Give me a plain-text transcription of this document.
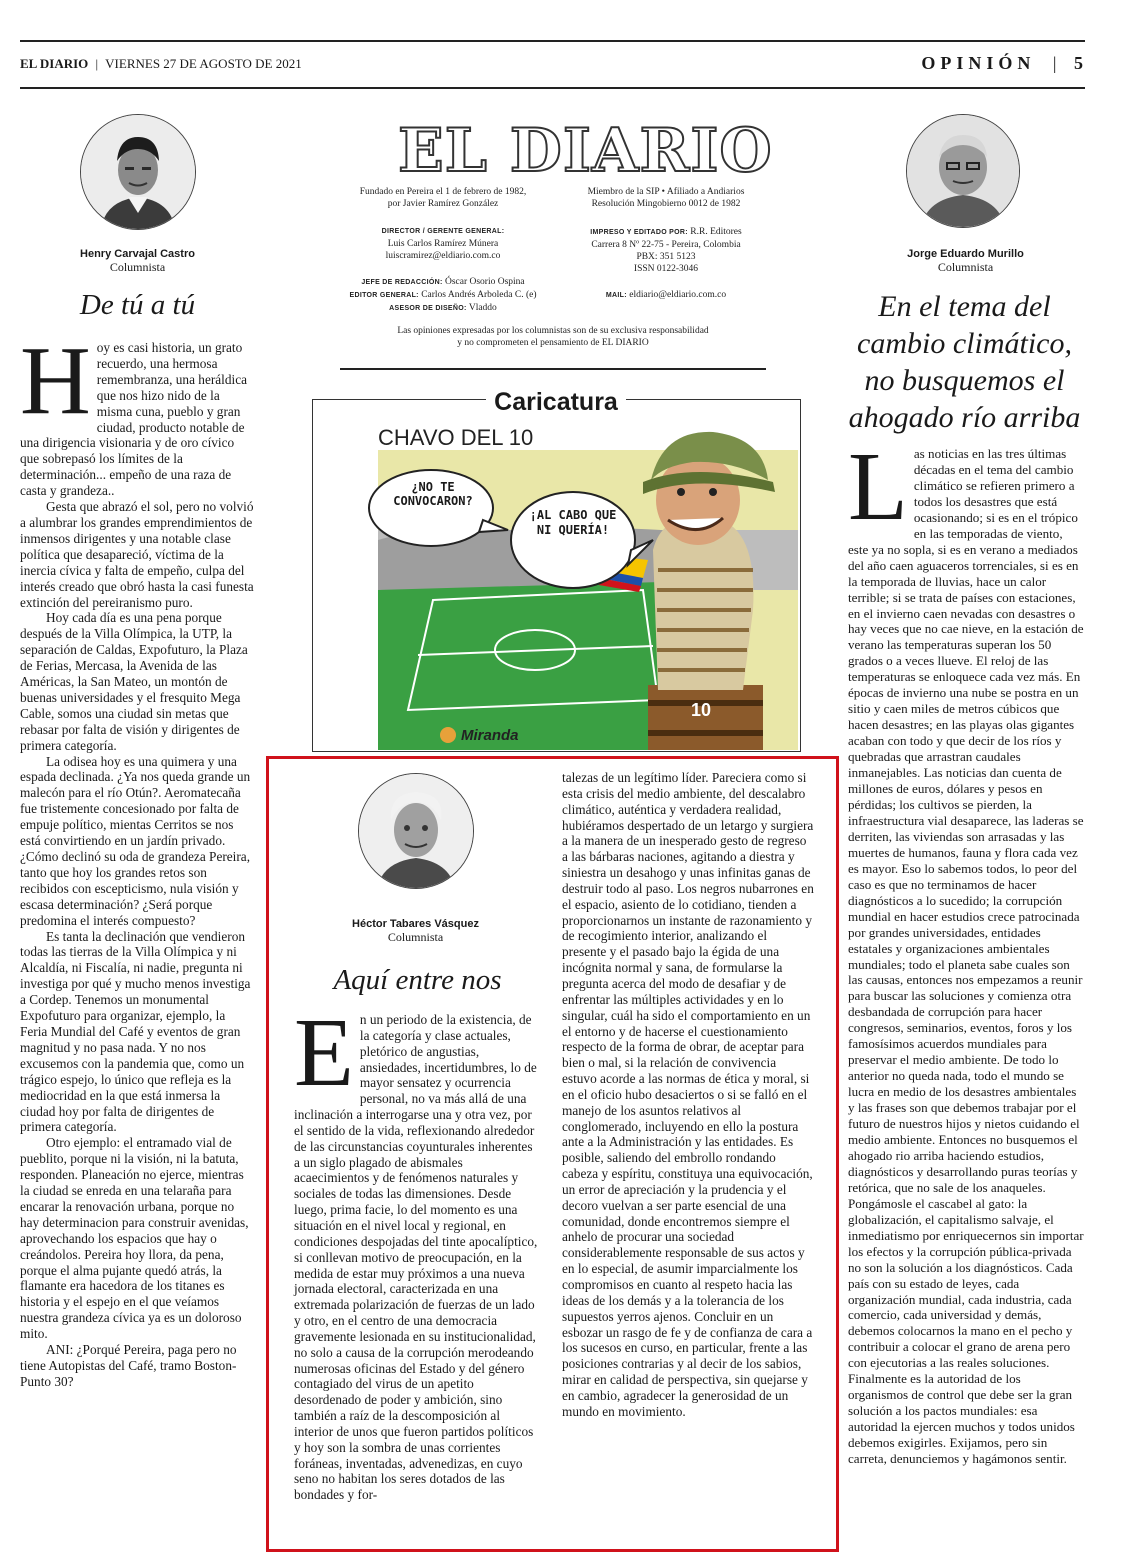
EL DIARIO | VIERNES 27 DE AGOSTO DE 2021	OPINIÓN | 5
Henry Carvajal Castro
Columnista
De tú a tú
H oy es casi historia, un grato recuerdo, una hermosa remembranza, una heráldica que nos hizo nido de la misma cuna, pueblo y gran ciudad, producto notable de una dirigencia visionaria y de oro cívico que sobrepasó los límites de la determinación... empeño de una raza de casta y grandeza..

Gesta que abrazó el sol, pero no volvió a alumbrar los grandes emprendimientos de inmensos dirigentes y una notable clase política que desapareció, víctima de la inercia cívica y falta de empeño, culpa del interés creado que obró hasta la casi funesta extinción del pereiranismo puro.

Hoy cada día es una pena porque después de la Villa Olímpica, la UTP, la separación de Caldas, Expofuturo, la Plaza de Ferias, Mercasa, la Avenida de las Américas, la San Mateo, un montón de buenas universidades y el fresquito Mega Cable, somos una ciudad sin metas que rebasar por falta de visión y dirigentes de primera categoría.

La odisea hoy es una quimera y una espada declinada. ¿Ya nos queda grande un malecón para el río Otún?. Aeromatecaña fue tristemente concesionado por falta de empuje político, mientas Cerritos se nos está convirtiendo en un jardín privado. ¿Cómo declinó su oda de grandeza Pereira, tanto que hoy los grandes retos son recibidos con escepticismo, nula visión y escasa determinación? ¿Será porque predomina el interés compuesto?

Es tanta la declinación que vendieron todas las tierras de la Villa Olímpica y ni Alcaldía, ni Fiscalía, ni nadie, pregunta ni investiga por qué y mucho menos investiga a Cordep. Tenemos un monumental Expofuturo para organizar, ejemplo, la Feria Mundial del Café y eventos de gran magnitud y no pasa nada. Y no nos excusemos con la pandemia que, como un trágico espejo, lo único que refleja es la mediocridad en la que está inmersa la ciudad hoy por falta de dirigentes de primera categoría.

Otro ejemplo: el entramado vial de pueblito, porque ni la visión, ni la batuta, responden. Planeación no ejerce, mientras la ciudad se enreda en una telaraña para encarar la renovación urbana, porque no hay determinacion para construir avenidas, aprovechando los espacios que hay o creándolos. Pereira hoy llora, da pena, porque el alma pujante quedó atrás, la flamante era hacedora de los titanes es historia y el espejo en el que veíamos nuestra grandeza cívica ya es un doloroso mito.

ANI: ¿Porqué Pereira, paga pero no tiene Autopistas del Café, tramo Boston-Punto 30?

EL DIARIO
Fundado en Pereira el 1 de febrero de 1982,
por Javier Ramírez González
Miembro de la SIP • Afiliado a Andiarios
Resolución Mingobierno 0012 de 1982
DIRECTOR / GERENTE GENERAL:
Luis Carlos Ramírez Múnera
luiscramirez@eldiario.com.co
IMPRESO Y EDITADO POR: R.R. Editores
Carrera 8 Nº 22-75 - Pereira, Colombia
PBX: 351 5123
ISSN 0122-3046
JEFE DE REDACCIÓN: Óscar Osorio Ospina
EDITOR GENERAL: Carlos Andrés Arboleda C. (e)
ASESOR DE DISEÑO: Vladdo
MAIL: eldiario@eldiario.com.co
Las opiniones expresadas por los columnistas son de su exclusiva responsabilidad
y no comprometen el pensamiento de EL DIARIO
¿NO TE CONVOCARON?
¡AL CABO QUE NI QUERÍA!
10
Miranda
Caricatura
CHAVO DEL 10
Jorge Eduardo Murillo
Columnista
En el tema del
cambio climático,
no busquemos el
ahogado río arriba
L as noticias en las tres últimas décadas en el tema del cambio climático se refieren primero a todos los desastres que está ocasionando; si es en el trópico en las temporadas de viento, este ya no sopla, si es en verano a mediados del año caen aguaceros torrenciales, si es en la temporada de lluvias, hace un calor terrible; si se trata de países con estaciones, en el invierno caen nevadas con desastres o hay veces que no cae nieve, en la estación de verano las temperaturas superan los 50 grados o a veces llueve. El reloj de las temperaturas se enloquece cada vez más. En épocas de invierno una nube se postra en un sitio y caen miles de metros cúbicos que hacen desastres; en las playas olas gigantes acaban con todo y que decir de los ríos y quebradas que arrastran caudales inmanejables. Las noticias dan cuenta de millones de euros, dólares y pesos en pérdidas; los cultivos se pierden, la infraestructura vial desaparece, las laderas se derriten, las viviendas son arrasadas y las muertes de humanos, fauna y flora cada vez es mayor. Eso lo sabemos todos, lo peor del caso es que no terminamos de hacer diagnósticos a lo sucedido; la corrupción mundial en hacer estudios crece patrocinada por grandes universidades, entidades estatales y organizaciones ambientales mundiales; todo el planeta sabe cuales son las causas, entonces nos empezamos a reunir para buscar las soluciones y comienza otra desbandada de corrupción para hacer congresos, seminarios, eventos, foros y los famosísimos acuerdos mundiales para preservar el medio ambiente. De todo lo anterior no queda nada, todo el mundo se lucra en medio de los desastres ambientales y las frases son que debemos trabajar por el futuro de nuestros hijos y nietos cuidando el medio ambiente. Entonces no busquemos el ahogado rio arriba haciendo estudios, diagnósticos y desarrollando puras teorías y retórica, que no sale de los anaqueles. Pongámosle el cascabel al gato: la globalización, el capitalismo salvaje, el inmediatismo por enriquecernos sin importar los efectos y la corrupción pública-privada no son la solución a los diagnósticos. Cada país con su estado de leyes, cada organización mundial, cada industria, cada comercio, cada universidad y demás, debemos colocarnos la mano en el pecho y contribuir a colocar el grano de arena pero con ejecutorias a las reales soluciones. Finalmente es la autoridad de los organismos de control que debe ser la gran solución a los pactos mundiales: esa autoridad la ejercen muchos y todos unidos debemos exigirles. Exijamos, pero sin carreta, denunciemos y hagámonos sentir.

Héctor Tabares Vásquez
Columnista
Aquí entre nos
E n un periodo de la existencia, de la categoría y clase actuales, pletórico de angustias, ansiedades, incertidumbres, lo de mayor sensatez y ocurrencia personal, no va más allá de una inclinación a interrogarse una y otra vez, por el sentido de la vida, reflexionando alrededor de las circunstancias coyunturales inherentes a un siglo plagado de abismales acaecimientos y de fenómenos naturales y sociales de todas las dimensiones. Desde luego, prima facie, lo del momento es una situación en el nivel local y regional, en condiciones despojadas del tinte apocalíptico, si conllevan motivo de preocupación, en la medida de estar muy próximos a una nueva jornada electoral, caracterizada en una extremada polarización de fuerzas de un lado y otro, en el centro de una democracia gravemente lesionada en su institucionalidad, no solo a causa de la corrupción merodeando numerosas oficinas del Estado y del género contagiado del virus de un apetito desordenado de poder y ambición, sino también a raíz de la descomposición al interior de unos que fueron partidos políticos y hoy son la sombra de unas corrientes foráneas, inventadas, advenedizas, en cuyo seno no habitan los seres dotados de las bondades y for-

talezas de un legítimo líder. Pareciera como si esta crisis del medio ambiente, del descalabro climático, auténtica y verdadera realidad, hubiéramos despertado de un letargo y surgiera a la manera de un inesperado gesto de regreso a las bárbaras naciones, agitando a diestra y siniestra un desahogo y unas infinitas ganas de destruir todo al paso. Los negros nubarrones en el espacio, asiento de lo cotidiano, tienden a proporcionarnos un instante de razonamiento y de recogimiento interior, analizando el presente y el pasado bajo la égida de una incógnita normal y sana, de formularse la pregunta acerca del modo de desafiar y de enfrentar las múltiples actividades y en lo singular, cuál ha sido el comportamiento en un el entorno y de hacerse el cuestionamiento respecto de la forma de obrar, de aceptar para bien o mal, si la relación de convivencia estuvo acorde a las normas de ética y moral, si en el oficio hubo desaciertos o si se falló en el manejo de los asuntos relativos al conglomerado, incluyendo en ello la postura ante a la Administración y las entidades. Es posible, saliendo del embrollo rondando cabeza y espíritu, constituya una equivocación, un error de apreciación y la prudencia y el decoro vuelvan a ser parte esencial de una comunidad, donde encontremos siempre el anhelo de procurar una sociedad considerablemente responsable de sus actos y en lo especial, de asumir imparcialmente los compromisos en cuanto al respeto hacia las ideas de los demás y a la tolerancia de los supuestos yerros ajenos. Concluir en un esbozar un rasgo de fe y de confianza de cara a los sucesos en curso, en particular, frente a las posiciones contrarias y al decir de los sabios, mirar en calidad de perspectiva, sin quejarse y en cambio, agradecer la generosidad de un mundo en movimiento.
